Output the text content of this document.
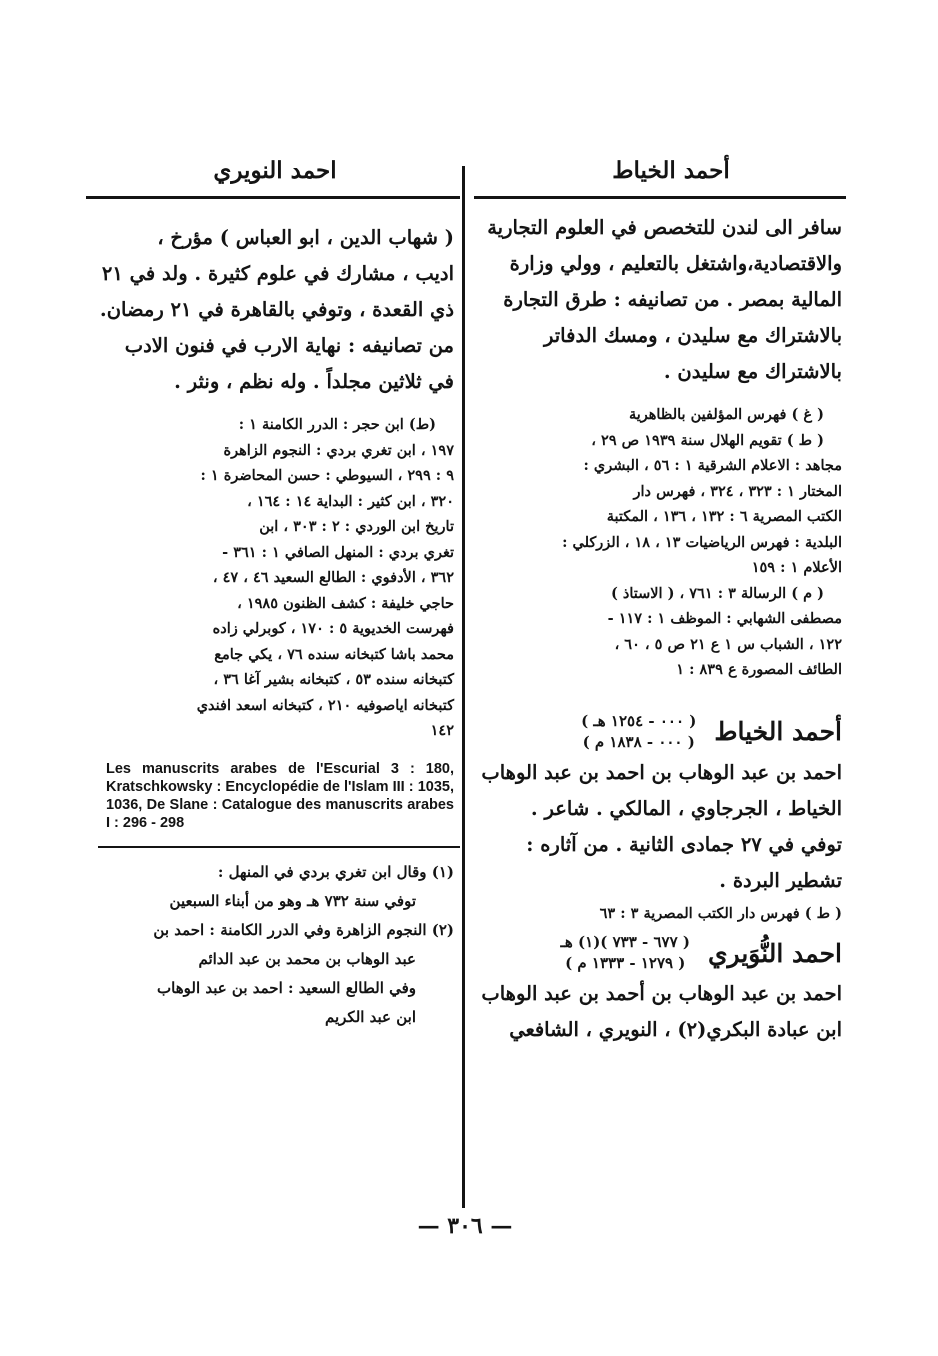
أحمد الخياط
احمد النويري
سافر الى لندن للتخصص في العلوم التجارية
والاقتصادية،واشتغل بالتعليم ، وولي وزارة
المالية بمصر . من تصانيفه : طرق التجارة
بالاشتراك مع سليدن ، ومسك الدفاتر
بالاشتراك مع سليدن .

( غ ) فهرس المؤلفين بالظاهرية

( ط ) تقويم الهلال سنة ١٩٣٩ ص ٢٩ ،

مجاهد : الاعلام الشرقية ١ : ٥٦ ، البشري :

المختار ١ : ٣٢٣ ، ٣٢٤ ، فهرس دار

الكتب المصرية ٦ : ١٣٢ ، ١٣٦ ، المكتبة

البلدية : فهرس الرياضيات ١٣ ، ١٨ ، الزركلي :

الأعلام ١ : ١٥٩

( م ) الرسالة ٣ : ٧٦١ ، ( الاستاذ )

مصطفى الشهابي : الموظف ١ : ١١٧ -

١٢٢ ، الشباب س ١ ع ٢١ ص ٥ ، ٦٠ ،

الطائف المصورة ع ٨٣٩ : ١

أحمد الخياط
( ٠٠٠ - ١٢٥٤ هـ )
( ٠٠٠ - ١٨٣٨ م )
احمد بن عبد الوهاب بن احمد بن عبد الوهاب
الخياط ، الجرجاوي ، المالكي . شاعر .
توفي في ٢٧ جمادى الثانية . من آثاره :
تشطير البردة .

( ط ) فهرس دار الكتب المصرية ٣ : ٦٣

احمد النُّوَيري
( ٦٧٧ - ٧٣٣ )(١) هـ
( ١٢٧٩ - ١٣٣٣ م )
احمد بن عبد الوهاب بن أحمد بن عبد الوهاب
ابن عبادة البكري(٢) ، النويري ، الشافعي
( شهاب الدين ، ابو العباس ) مؤرخ ،
اديب ، مشارك في علوم كثيرة . ولد في ٢١
ذي القعدة ، وتوفي بالقاهرة في ٢١ رمضان.
من تصانيفه : نهاية الارب في فنون الادب
في ثلاثين مجلداً . وله نظم ، ونثر .

(ط) ابن حجر : الدرر الكامنة ١ :

١٩٧ ، ابن تغري بردي : النجوم الزاهرة

٩ : ٢٩٩ ، السيوطي : حسن المحاضرة ١ :

٣٢٠ ، ابن كثير : البداية ١٤ : ١٦٤ ،

تاريخ ابن الوردي : ٢ : ٣٠٣ ، ابن

تغري بردي : المنهل الصافي ١ : ٣٦١ -

٣٦٢ ، الأدفوي : الطالع السعيد ٤٦ ، ٤٧ ،

حاجي خليفة : كشف الظنون ١٩٨٥ ،

فهرست الخديوية ٥ : ١٧٠ ، كوبرلي زاده

محمد باشا كتبخانه سنده ٧٦ ، يكي جامع

كتبخانه سنده ٥٣ ، كتبخانه بشير آغا ٣٦ ،

كتبخانه اياصوفيه ٢١٠ ، كتبخانه اسعد افندي

١٤٢

Les manuscrits arabes de l'Escurial 3 : 180, Kratschkowsky : Encyclopédie de l'Islam III : 1035, 1036, De Slane : Catalogue des manuscrits arabes I : 296 - 298

(١) وقال ابن تغري بردي في المنهل :

توفي سنة ٧٣٢ هـ وهو من أبناء السبعين

(٢) النجوم الزاهرة وفي الدرر الكامنة : احمد بن

عبد الوهاب بن محمد بن عبد الدائم

وفي الطالع السعيد : احمد بن عبد الوهاب

ابن عبد الكريم

— ٣٠٦ —
